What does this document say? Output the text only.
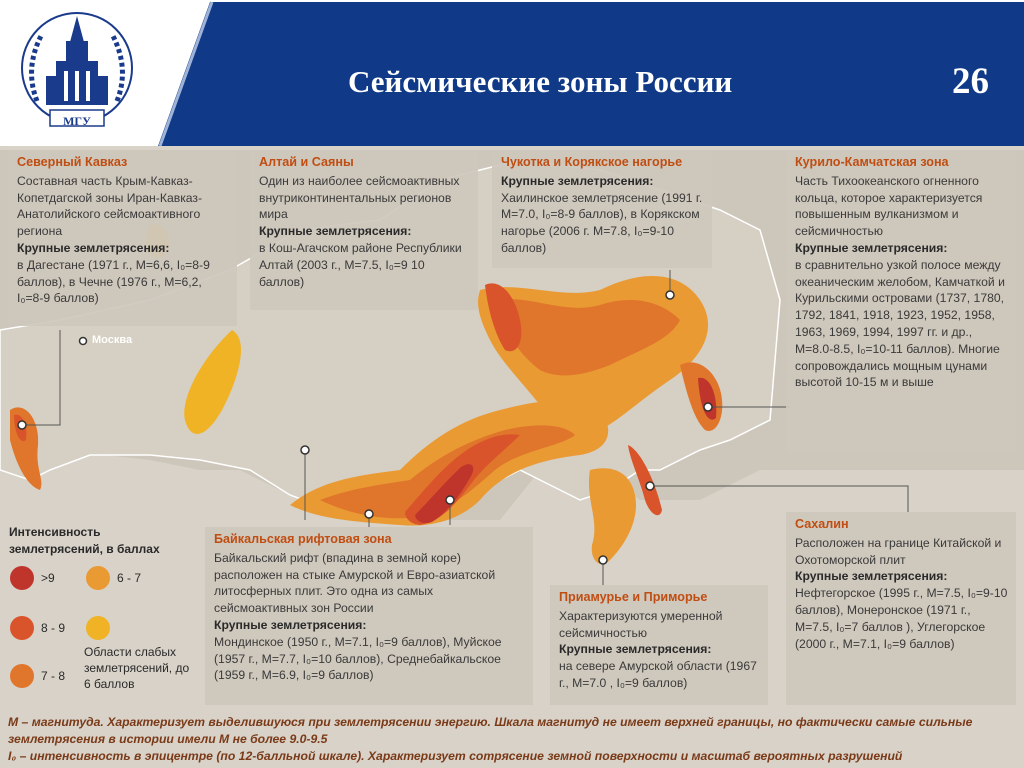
МГУ
Сейсмические зоны России	26
Москва

Северный Кавказ

Составная часть Крым-Кавказ-Копетдагской зоны Иран-Кавказ-Анатолийского сейсмоактивного региона

Крупные землетрясения:

в Дагестане (1971 г., M=6,6, I₀=8-9 баллов), в Чечне (1976 г., M=6,2, I₀=8-9 баллов)

Алтай и Саяны

Один из наиболее сейсмоактивных внутриконтинентальных регионов мира

Крупные землетрясения:

в Кош-Агачском районе Республики Алтай (2003 г., M=7.5, I₀=9 10 баллов)

Чукотка и Корякское нагорье

Крупные землетрясения:

Хаилинское землетрясение (1991 г. M=7.0, I₀=8-9 баллов), в Корякском нагорье (2006 г. M=7.8, I₀=9-10 баллов)

Курило-Камчатская зона

Часть Тихоокеанского огненного кольца, которое характеризуется повышенным вулканизмом и сейсмичностью

Крупные землетрясения:

в сравнительно узкой полосе между океаническим желобом, Камчаткой и Курильскими островами (1737, 1780, 1792, 1841, 1918, 1923, 1952, 1958, 1963, 1969, 1994, 1997 гг. и др., M=8.0-8.5, I₀=10-11 баллов). Многие сопровождались мощным цунами высотой 10-15 м и выше

Байкальская рифтовая зона

Байкальский рифт (впадина в земной коре) расположен на стыке Амурской и Евро-азиатской литосферных плит. Это одна из самых сейсмоактивных зон России

Крупные землетрясения:

Мондинское (1950 г., M=7.1, I₀=9 баллов), Муйское (1957 г., M=7.7, I₀=10 баллов), Среднебайкальское (1959 г., M=6.9, I₀=9 баллов)

Приамурье и Приморье

Характеризуются умеренной сейсмичностью

Крупные землетрясения:

на севере Амурской области (1967 г., M=7.0 , I₀=9 баллов)

Сахалин

Расположен на границе Китайской и Охотоморской плит

Крупные землетрясения:

Нефтегорское (1995 г., M=7.5, I₀=9-10 баллов), Монеронское (1971 г., M=7.5, I₀=7 баллов ), Углегорское (2000 г., M=7.1, I₀=9 баллов)

Интенсивность землетрясений, в баллах
>9
8 - 9
7 - 8
6 - 7
Области слабых землетрясений, до 6 баллов
M – магнитуда. Характеризует выделившуюся при землетрясении энергию. Шкала магнитуд не имеет верхней границы, но фактически самые сильные землетрясения в истории имели M не более 9.0-9.5
I₀ – интенсивность в эпицентре (по 12-балльной шкале). Характеризует сотрясение земной поверхности и масштаб вероятных разрушений
